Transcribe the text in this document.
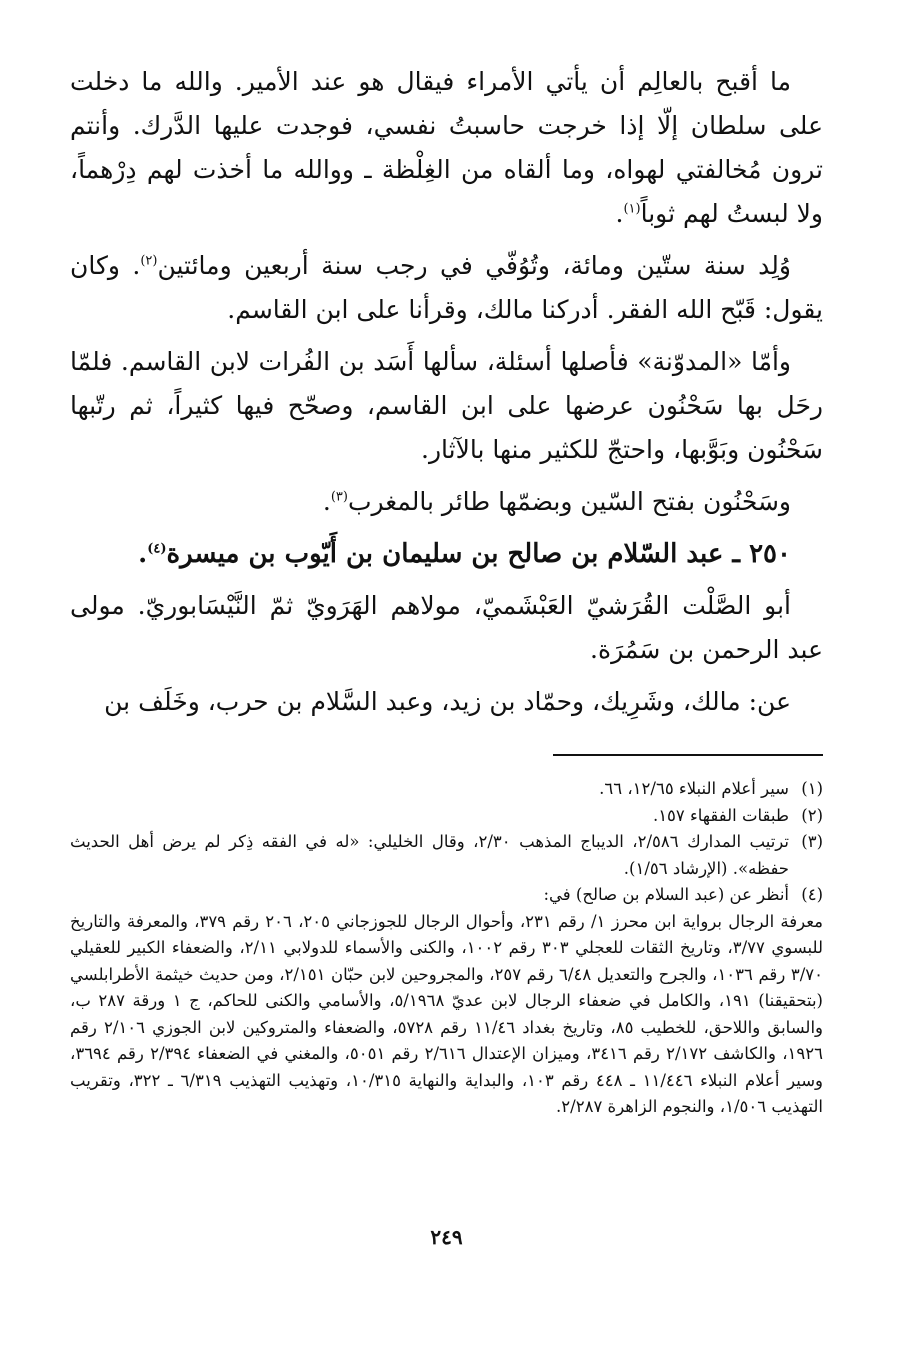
ما أقبح بالعالِم أن يأتي الأمراء فيقال هو عند الأمير. والله ما دخلت على سلطان إلّا إذا خرجت حاسبتُ نفسي، فوجدت عليها الدَّرك. وأنتم ترون مُخالفتي لهواه، وما ألقاه من الغِلْظة ـ ووالله ما أخذت لهم دِرْهماً، ولا لبستُ لهم ثوباً$^{(١)}$.

وُلِد سنة ستّين ومائة، وتُوُفّي في رجب سنة أربعين ومائتين$^{(٢)}$. وكان يقول: قَبّح الله الفقر. أدركنا مالك، وقرأنا على ابن القاسم.

وأمّا «المدوّنة» فأصلها أسئلة، سألها أَسَد بن الفُرات لابن القاسم. فلمّا رحَل بها سَحْنُون عرضها على ابن القاسم، وصحّح فيها كثيراً، ثم رتّبها سَحْنُون وبَوَّبها، واحتجّ للكثير منها بالآثار.

وسَحْنُون بفتح السّين وبضمّها طائر بالمغرب$^{(٣)}$.

٢٥٠ ـ عبد السّلام بن صالح بن سليمان بن أَيّوب بن ميسرة$^{(٤)}$.

أبو الصَّلْت القُرَشيّ العَبْشَميّ، مولاهم الهَرَويّ ثمّ النَّيْسَابوريّ. مولى عبد الرحمن بن سَمُرَة.

عن: مالك، وشَرِيك، وحمّاد بن زيد، وعبد السَّلام بن حرب، وخَلَف بن

(١)
سير أعلام النبلاء ١٢/٦٥، ٦٦.
(٢)
طبقات الفقهاء ١٥٧.
(٣)
ترتيب المدارك ٢/٥٨٦، الديباج المذهب ٢/٣٠، وقال الخليلي: «له في الفقه ذِكر لم يرض أهل الحديث حفظه». (الإرشاد ١/٥٦).
(٤)
أنظر عن (عبد السلام بن صالح) في:
معرفة الرجال برواية ابن محرز ١/ رقم ٢٣١، وأحوال الرجال للجوزجاني ٢٠٥، ٢٠٦ رقم ٣٧٩، والمعرفة والتاريخ للبسوي ٣/٧٧، وتاريخ الثقات للعجلي ٣٠٣ رقم ١٠٠٢، والكنى والأسماء للدولابي ٢/١١، والضعفاء الكبير للعقيلي ٣/٧٠ رقم ١٠٣٦، والجرح والتعديل ٦/٤٨ رقم ٢٥٧، والمجروحين لابن حبّان ٢/١٥١، ومن حديث خيثمة الأطرابلسي (بتحقيقنا) ١٩١، والكامل في ضعفاء الرجال لابن عديّ ٥/١٩٦٨، والأسامي والكنى للحاكم، ج ١ ورقة ٢٨٧ ب، والسابق واللاحق، للخطيب ٨٥، وتاريخ بغداد ١١/٤٦ رقم ٥٧٢٨، والضعفاء والمتروكين لابن الجوزي ٢/١٠٦ رقم ١٩٢٦، والكاشف ٢/١٧٢ رقم ٣٤١٦، وميزان الإعتدال ٢/٦١٦ رقم ٥٠٥١، والمغني في الضعفاء ٢/٣٩٤ رقم ٣٦٩٤، وسير أعلام النبلاء ١١/٤٤٦ ـ ٤٤٨ رقم ١٠٣، والبداية والنهاية ١٠/٣١٥، وتهذيب التهذيب ٦/٣١٩ ـ ٣٢٢، وتقريب التهذيب ١/٥٠٦، والنجوم الزاهرة ٢/٢٨٧.
٢٤٩
